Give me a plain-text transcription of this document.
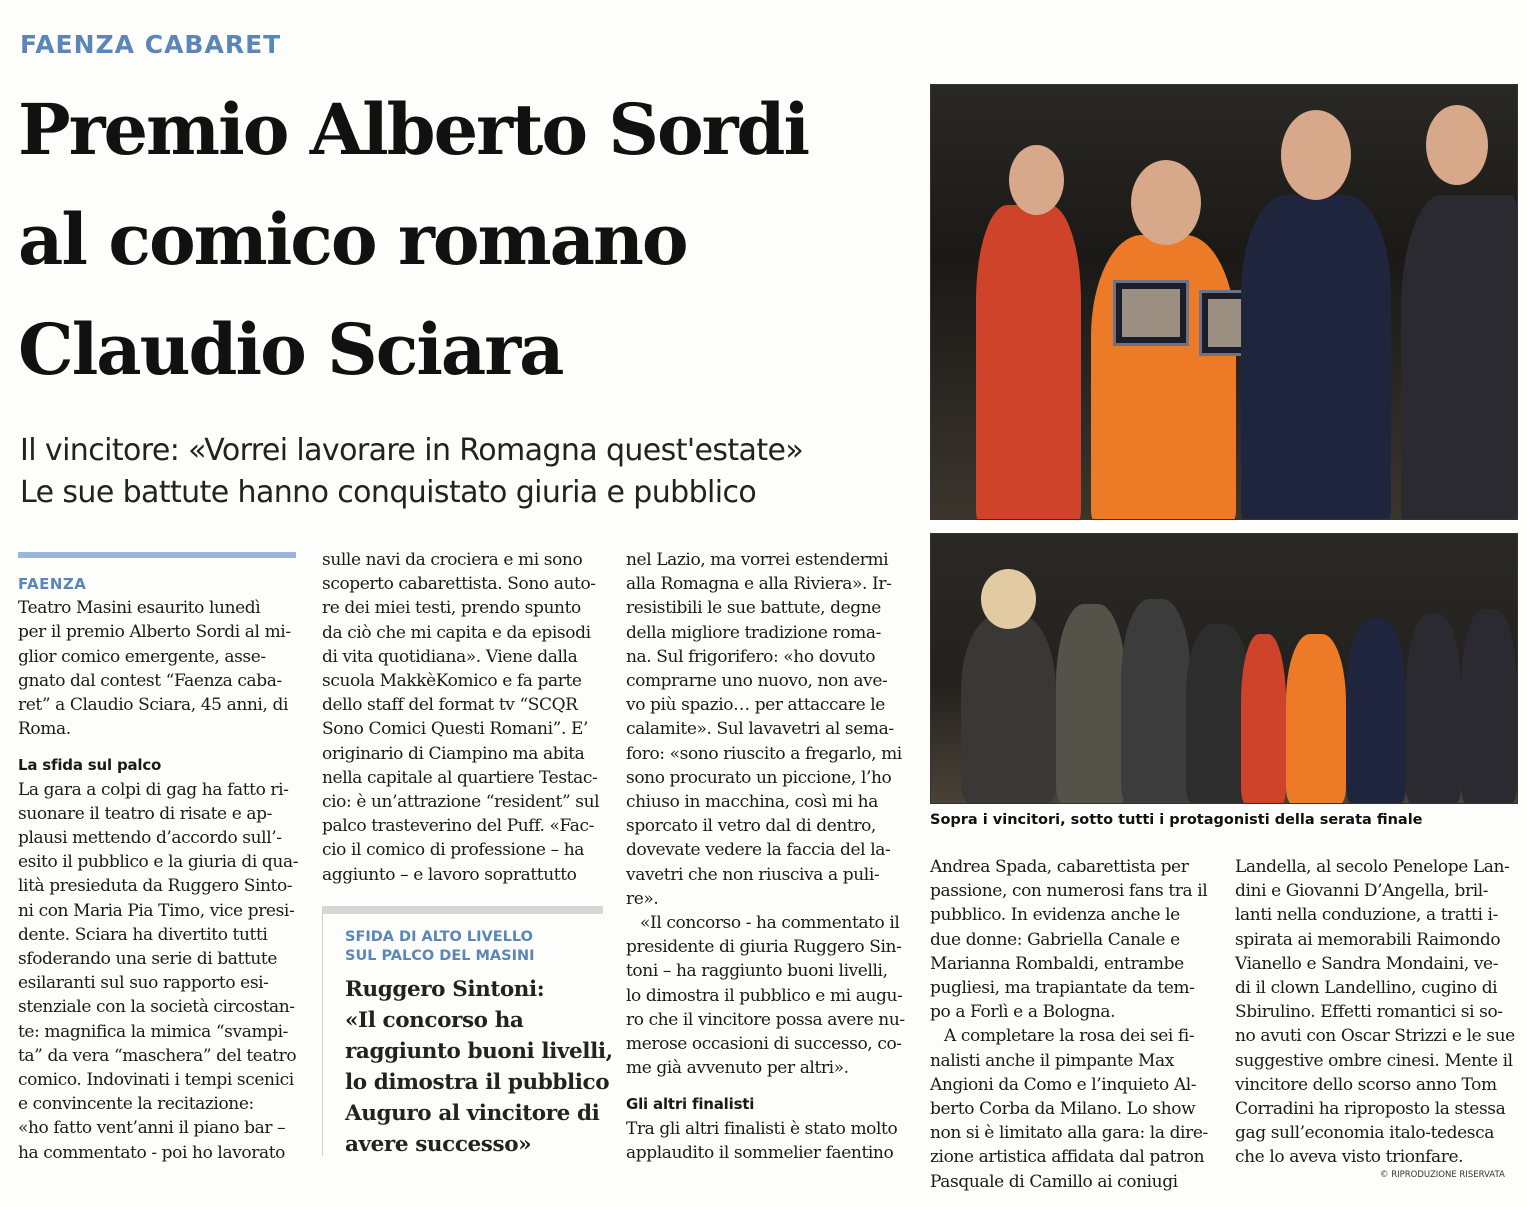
FAENZA CABARET
Premio Alberto Sordi
al comico romano
Claudio Sciara
Il vincitore: «Vorrei lavorare in Romagna quest'estate»
Le sue battute hanno conquistato giuria e pubblico
Sopra i vincitori, sotto tutti i protagonisti della serata finale
FAENZA
Teatro Masini esaurito lunedì
per il premio Alberto Sordi al mi-
glior comico emergente, asse-
gnato dal contest “Faenza caba-
ret” a Claudio Sciara, 45 anni, di
Roma.
La sfida sul palco
La gara a colpi di gag ha fatto ri-
suonare il teatro di risate e ap-
plausi mettendo d’accordo sull’-
esito il pubblico e la giuria di qua-
lità presieduta da Ruggero Sinto-
ni con Maria Pia Timo, vice presi-
dente. Sciara ha divertito tutti
sfoderando una serie di battute
esilaranti sul suo rapporto esi-
stenziale con la società circostan-
te: magnifica la mimica “svampi-
ta” da vera “maschera” del teatro
comico. Indovinati i tempi scenici
e convincente la recitazione:
«ho fatto vent’anni il piano bar –
ha commentato - poi ho lavorato
sulle navi da crociera e mi sono
scoperto cabarettista. Sono auto-
re dei miei testi, prendo spunto
da ciò che mi capita e da episodi
di vita quotidiana». Viene dalla
scuola MakkèKomico e fa parte
dello staff del format tv “SCQR
Sono Comici Questi Romani”. E’
originario di Ciampino ma abita
nella capitale al quartiere Testac-
cio: è un’attrazione “resident” sul
palco trasteverino del Puff. «Fac-
cio il comico di professione – ha
aggiunto – e lavoro soprattutto
SFIDA DI ALTO LIVELLO
SUL PALCO DEL MASINI
Ruggero Sintoni:
«Il concorso ha
raggiunto buoni livelli,
lo dimostra il pubblico
Auguro al vincitore di
avere successo»
nel Lazio, ma vorrei estendermi
alla Romagna e alla Riviera». Ir-
resistibili le sue battute, degne
della migliore tradizione roma-
na. Sul frigorifero: «ho dovuto
comprarne uno nuovo, non ave-
vo più spazio… per attaccare le
calamite». Sul lavavetri al sema-
foro: «sono riuscito a fregarlo, mi
sono procurato un piccione, l’ho
chiuso in macchina, così mi ha
sporcato il vetro dal di dentro,
dovevate vedere la faccia del la-
vavetri che non riusciva a puli-
re».
«Il concorso - ha commentato il
presidente di giuria Ruggero Sin-
toni – ha raggiunto buoni livelli,
lo dimostra il pubblico e mi augu-
ro che il vincitore possa avere nu-
merose occasioni di successo, co-
me già avvenuto per altri».
Gli altri finalisti
Tra gli altri finalisti è stato molto
applaudito il sommelier faentino
Andrea Spada, cabarettista per
passione, con numerosi fans tra il
pubblico. In evidenza anche le
due donne: Gabriella Canale e
Marianna Rombaldi, entrambe
pugliesi, ma trapiantate da tem-
po a Forlì e a Bologna.
A completare la rosa dei sei fi-
nalisti anche il pimpante Max
Angioni da Como e l’inquieto Al-
berto Corba da Milano. Lo show
non si è limitato alla gara: la dire-
zione artistica affidata dal patron
Pasquale di Camillo ai coniugi
Landella, al secolo Penelope Lan-
dini e Giovanni D’Angella, bril-
lanti nella conduzione, a tratti i-
spirata ai memorabili Raimondo
Vianello e Sandra Mondaini, ve-
di il clown Landellino, cugino di
Sbirulino. Effetti romantici si so-
no avuti con Oscar Strizzi e le sue
suggestive ombre cinesi. Mente il
vincitore dello scorso anno Tom
Corradini ha riproposto la stessa
gag sull’economia italo-tedesca
che lo aveva visto trionfare.
© RIPRODUZIONE RISERVATA
